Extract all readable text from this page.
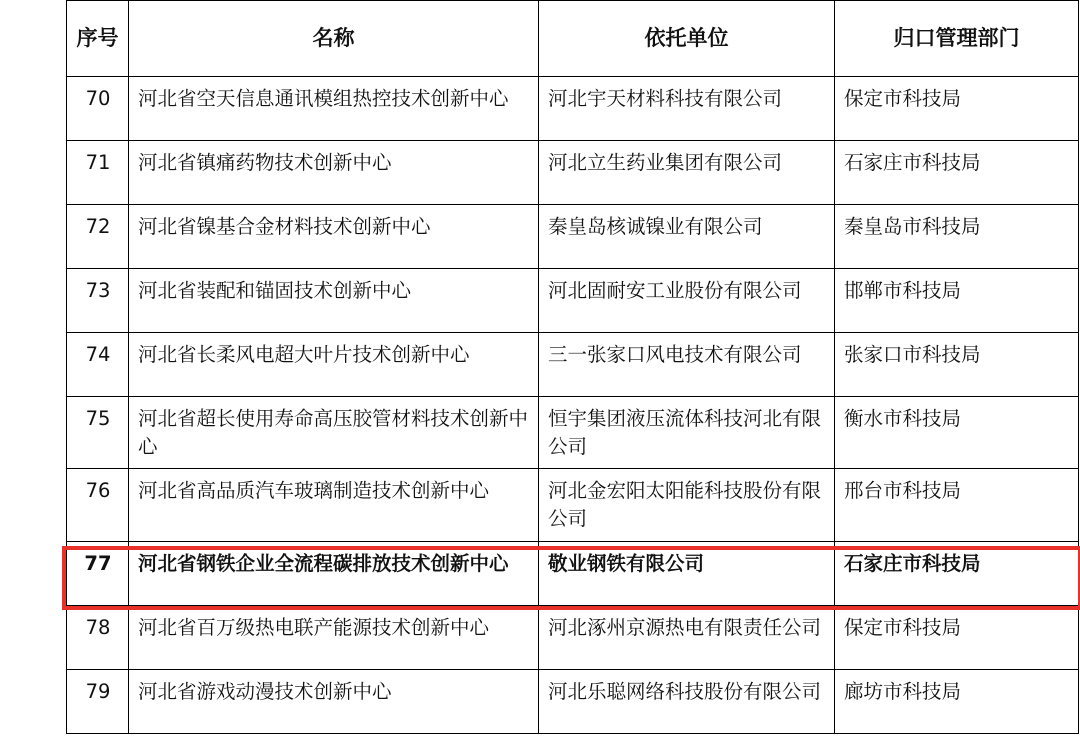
序号	名称	依托单位	归口管理部门
70	河北省空天信息通讯模组热控技术创新中心	河北宇天材料科技有限公司	保定市科技局
71	河北省镇痛药物技术创新中心	河北立生药业集团有限公司	石家庄市科技局
72	河北省镍基合金材料技术创新中心	秦皇岛核诚镍业有限公司	秦皇岛市科技局
73	河北省装配和锚固技术创新中心	河北固耐安工业股份有限公司	邯郸市科技局
74	河北省长柔风电超大叶片技术创新中心	三一张家口风电技术有限公司	张家口市科技局
75	河北省超长使用寿命高压胶管材料技术创新中心	恒宇集团液压流体科技河北有限公司	衡水市科技局
76	河北省高品质汽车玻璃制造技术创新中心	河北金宏阳太阳能科技股份有限公司	邢台市科技局
77	河北省钢铁企业全流程碳排放技术创新中心	敬业钢铁有限公司	石家庄市科技局
78	河北省百万级热电联产能源技术创新中心	河北涿州京源热电有限责任公司	保定市科技局
79	河北省游戏动漫技术创新中心	河北乐聪网络科技股份有限公司	廊坊市科技局
